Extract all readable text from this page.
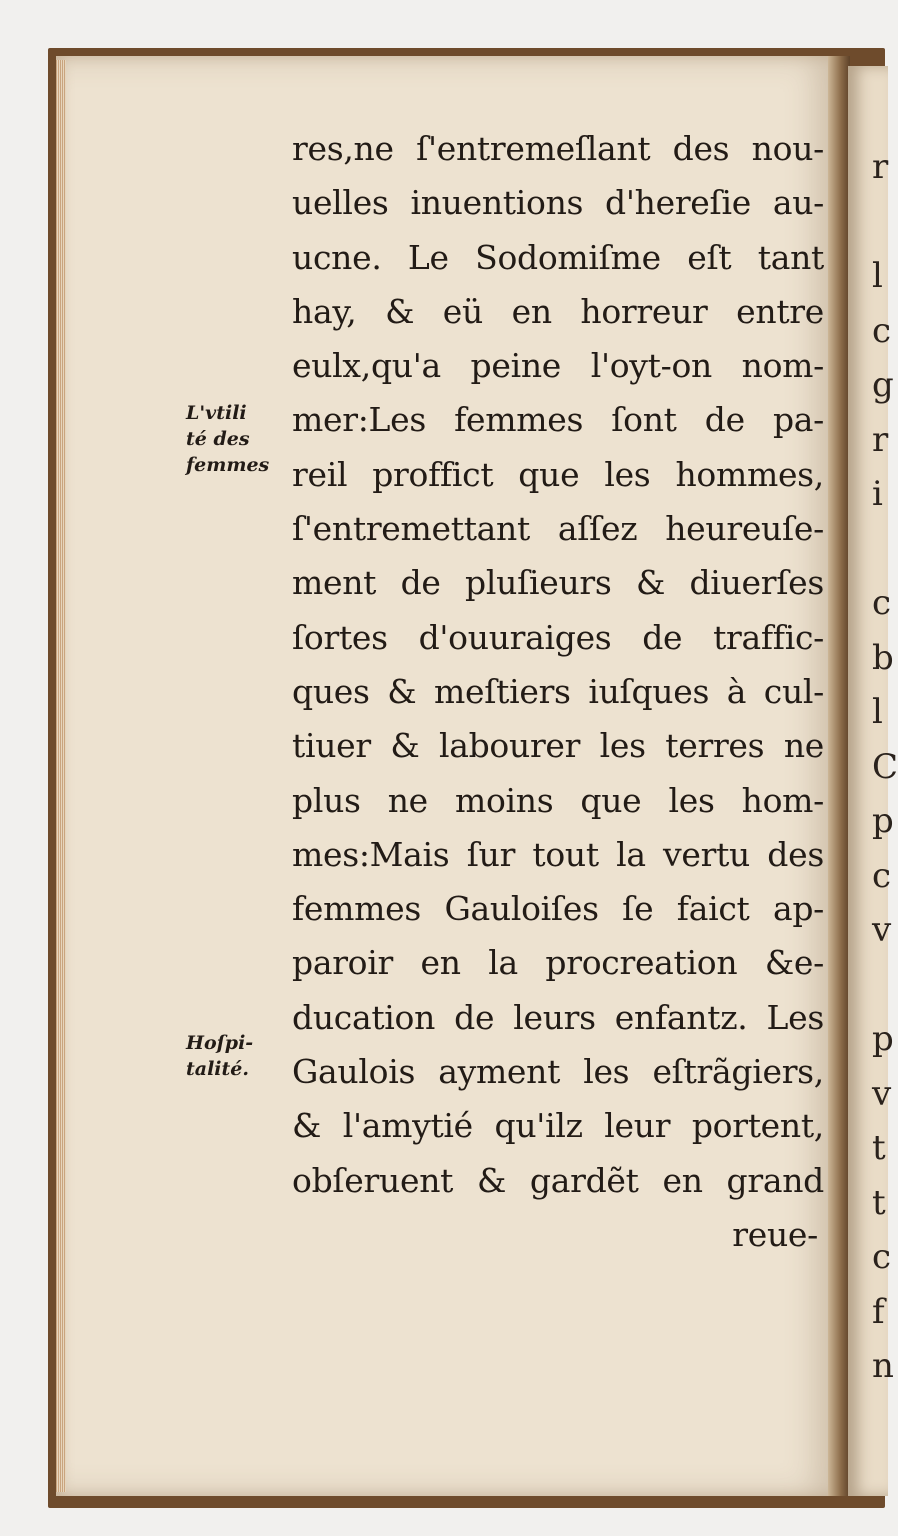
r
l
c
g
r
i
c
b
l
C
p
c
v
p
v
t
t
c
f
n
L'vtili
té des
femmes
Hoſpi-
talité.
res,ne ſ'entremeſlant des nou-
uelles inuentions d'hereſie au-
ucne. Le Sodomiſme eſt tant
hay, & eü en horreur entre
eulx,qu'a peine l'oyt-on nom-
mer:Les femmes ſont de pa-
reil proffict que les hommes,
ſ'entremettant aſſez heureuſe-
ment de pluſieurs & diuerſes
ſortes d'ouuraiges de traffic-
ques & meſtiers iuſques à cul-
tiuer & labourer les terres ne
plus ne moins que les hom-
mes:Mais ſur tout la vertu des
femmes Gauloiſes ſe faict ap-
paroir en la procreation &e-
ducation de leurs enfantz. Les
Gaulois ayment les eſtrãgiers,
& l'amytié qu'ilz leur portent,
obſeruent & gardẽt en grand
reue-
